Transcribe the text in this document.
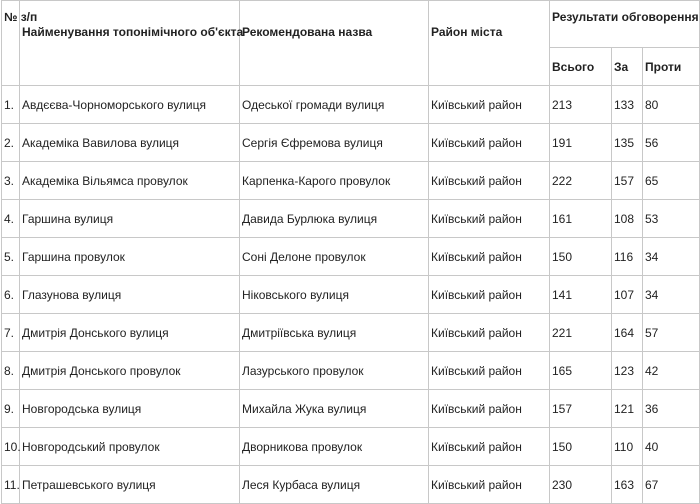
№ з/п	Найменування топонімічного об'єкта	Рекомендована назва	Район міста	Результати обговорення		
				Всього	За	Проти
1.	Авдєєва-Чорноморського вулиця	Одеської громади вулиця	Київський район	213	133	80
2.	Академіка Вавилова вулиця	Сергія Єфремова вулиця	Київський район	191	135	56
3.	Академіка Вільямса провулок	Карпенка-Карого провулок	Київський район	222	157	65
4.	Гаршина вулиця	Давида Бурлюка вулиця	Київський район	161	108	53
5.	Гаршина провулок	Соні Делоне провулок	Київський район	150	116	34
6.	Глазунова вулиця	Ніковського вулиця	Київський район	141	107	34
7.	Дмитрія Донського вулиця	Дмитріївська вулиця	Київський район	221	164	57
8.	Дмитрія Донського провулок	Лазурського провулок	Київський район	165	123	42
9.	Новгородська вулиця	Михайла Жука вулиця	Київський район	157	121	36
10.	Новгородський провулок	Дворникова провулок	Київський район	150	110	40
11.	Петрашевського вулиця	Леся Курбаса вулиця	Київський район	230	163	67
